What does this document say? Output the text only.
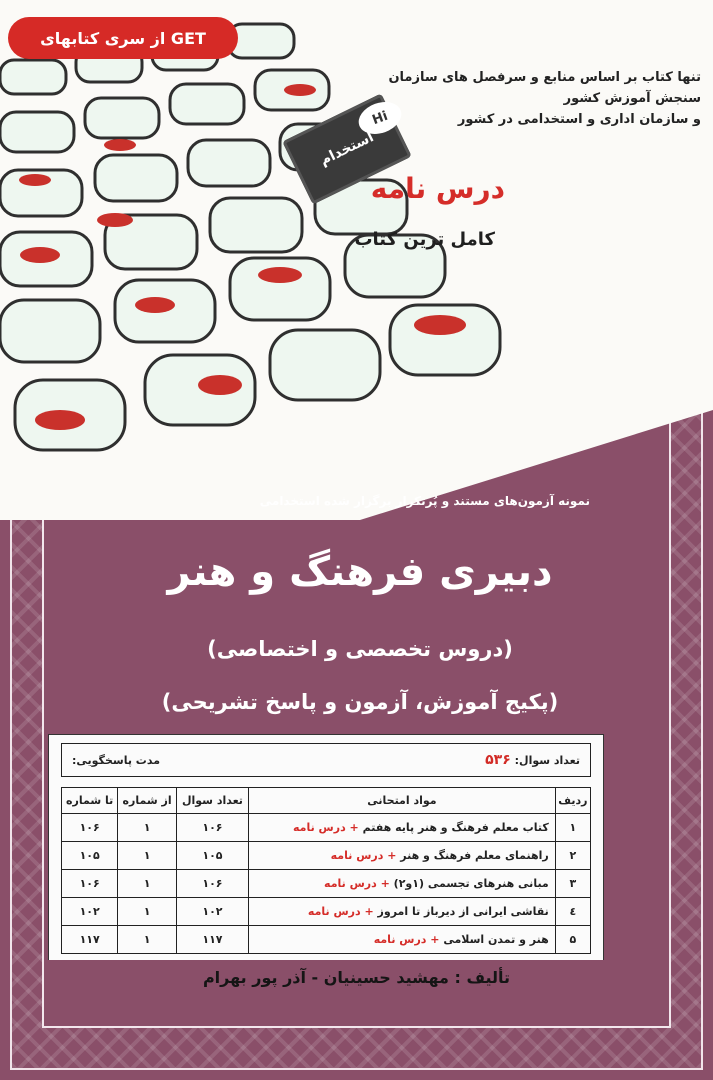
از سری کتابهای GET
تنها کتاب بر اساس منابع و سرفصل های سازمان سنجش آموزش کشور
و سازمان اداری و استخدامی در کشور
استخدام
Hi
درس نامه
کامل ترین کتاب
نمونه آزمون‌های مستند و پُرتکرار برگزار شده استخدامی
دبیری فرهنگ و هنر
(دروس تخصصی و اختصاصی)
(پکیج آموزش، آزمون و پاسخ تشریحی)
تعداد سوال: ۵۳۶
مدت پاسخگویی:
ردیف	مواد امتحانی	تعداد سوال	از شماره	تا شماره
۱	کتاب معلم فرهنگ و هنر پایه هفتم + درس نامه	۱۰۶	۱	۱۰۶
۲	راهنمای معلم فرهنگ و هنر + درس نامه	۱۰۵	۱	۱۰۵
۳	مبانی هنرهای تجسمی (۱و۲) + درس نامه	۱۰۶	۱	۱۰۶
٤	نقاشی ایرانی از دیرباز تا امروز + درس نامه	۱۰۲	۱	۱۰۲
۵	هنر و تمدن اسلامی + درس نامه	۱۱۷	۱	۱۱۷
تألیف : مهشید حسینیان - آذر پور بهرام
